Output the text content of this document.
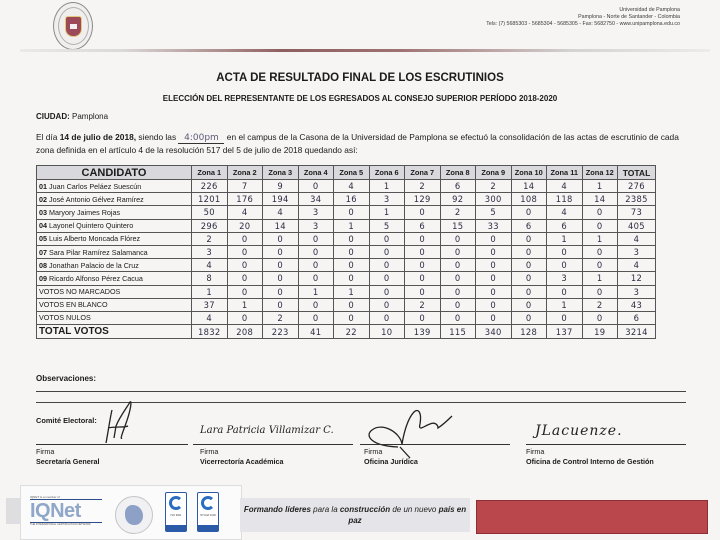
Universidad de Pamplona
Pamplona - Norte de Santander - Colombia
Tels: (7) 5685303 - 5685304 - 5685305 - Fax: 5682750 - www.unipamplona.edu.co
ACTA DE RESULTADO FINAL DE LOS ESCRUTINIOS
ELECCIÓN DEL REPRESENTANTE DE LOS EGRESADOS AL CONSEJO SUPERIOR PERÍODO 2018-2020
CIUDAD: Pamplona
El día 14 de julio de 2018, siendo las 4:00pm en el campus de la Casona de la Universidad de Pamplona se efectuó la consolidación de las actas de escrutinio de cada zona definida en el artículo 4 de la resolución 517 del 5 de julio de 2018 quedando así:
CANDIDATO	Zona 1	Zona 2	Zona 3	Zona 4	Zona 5	Zona 6	Zona 7	Zona 8	Zona 9	Zona 10	Zona 11	Zona 12	TOTAL
01 Juan Carlos Peláez Suescún	226	7	9	0	4	1	2	6	2	14	4	1	276
02 José Antonio Gélvez Ramírez	1201	176	194	34	16	3	129	92	300	108	118	14	2385
03 Maryory Jaimes Rojas	50	4	4	3	0	1	0	2	5	0	4	0	73
04 Layonel Quintero Quintero	296	20	14	3	1	5	6	15	33	6	6	0	405
05 Luis Alberto Moncada Flórez	2	0	0	0	0	0	0	0	0	0	1	1	4
07 Sara Pilar Ramírez Salamanca	3	0	0	0	0	0	0	0	0	0	0	0	3
08 Jonathan Palacio de la Cruz	4	0	0	0	0	0	0	0	0	0	0	0	4
09 Ricardo Alfonso Pérez Cacua	8	0	0	0	0	0	0	0	0	0	3	1	12
VOTOS NO MARCADOS	1	0	0	1	1	0	0	0	0	0	0	0	3
VOTOS EN BLANCO	37	1	0	0	0	0	2	0	0	0	1	2	43
VOTOS NULOS	4	0	2	0	0	0	0	0	0	0	0	0	6
TOTAL VOTOS	1832	208	223	41	22	10	139	115	340	128	137	19	3214
Observaciones:
Comité Electoral:
Firma
Secretaría General
Lara Patricia Villamizar C.
Firma
Vicerrectoría Académica
Firma
Oficina Jurídica
JLacuenze.
Firma
Oficina de Control Interno de Gestión
IQNET is a member of
IQNet
THE INTERNATIONAL CERTIFICATION NETWORK
ISO 9001	NTCGP 1000
Formando líderes para la construcción de un nuevo país en paz
